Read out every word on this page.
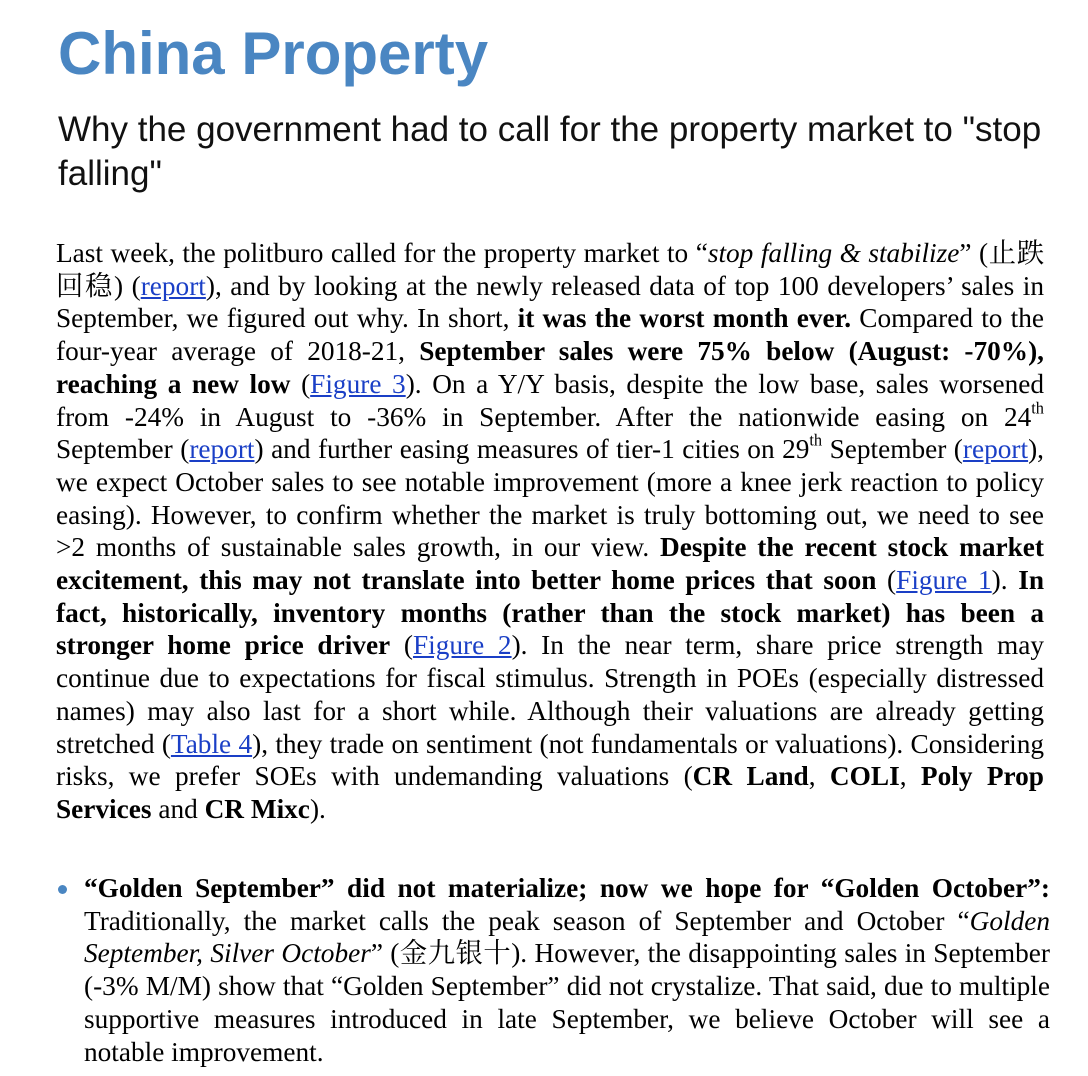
China Property
Why the government had to call for the property market to "stop falling"

Last week, the politburo called for the property market to “stop falling & stabilize” (止跌回稳) (report), and by looking at the newly released data of top 100 developers’ sales in September, we figured out why. In short, it was the worst month ever. Compared to the four-year average of 2018-21, September sales were 75% below (August: -70%), reaching a new low (Figure 3). On a Y/Y basis, despite the low base, sales worsened from -24% in August to -36% in September. After the nationwide easing on 24th September (report) and further easing measures of tier-1 cities on 29th September (report), we expect October sales to see notable improvement (more a knee jerk reaction to policy easing). However, to confirm whether the market is truly bottoming out, we need to see >2 months of sustainable sales growth, in our view. Despite the recent stock market excitement, this may not translate into better home prices that soon (Figure 1). In fact, historically, inventory months (rather than the stock market) has been a stronger home price driver (Figure 2). In the near term, share price strength may continue due to expectations for fiscal stimulus. Strength in POEs (especially distressed names) may also last for a short while. Although their valuations are already getting stretched (Table 4), they trade on sentiment (not fundamentals or valuations). Considering risks, we prefer SOEs with undemanding valuations (CR Land, COLI, Poly Prop Services and CR Mixc).

“Golden September” did not materialize; now we hope for “Golden October”: Traditionally, the market calls the peak season of September and October “Golden September, Silver October” (金九银十). However, the disappointing sales in September (-3% M/M) show that “Golden September” did not crystalize. That said, due to multiple supportive measures introduced in late September, we believe October will see a notable improvement.
